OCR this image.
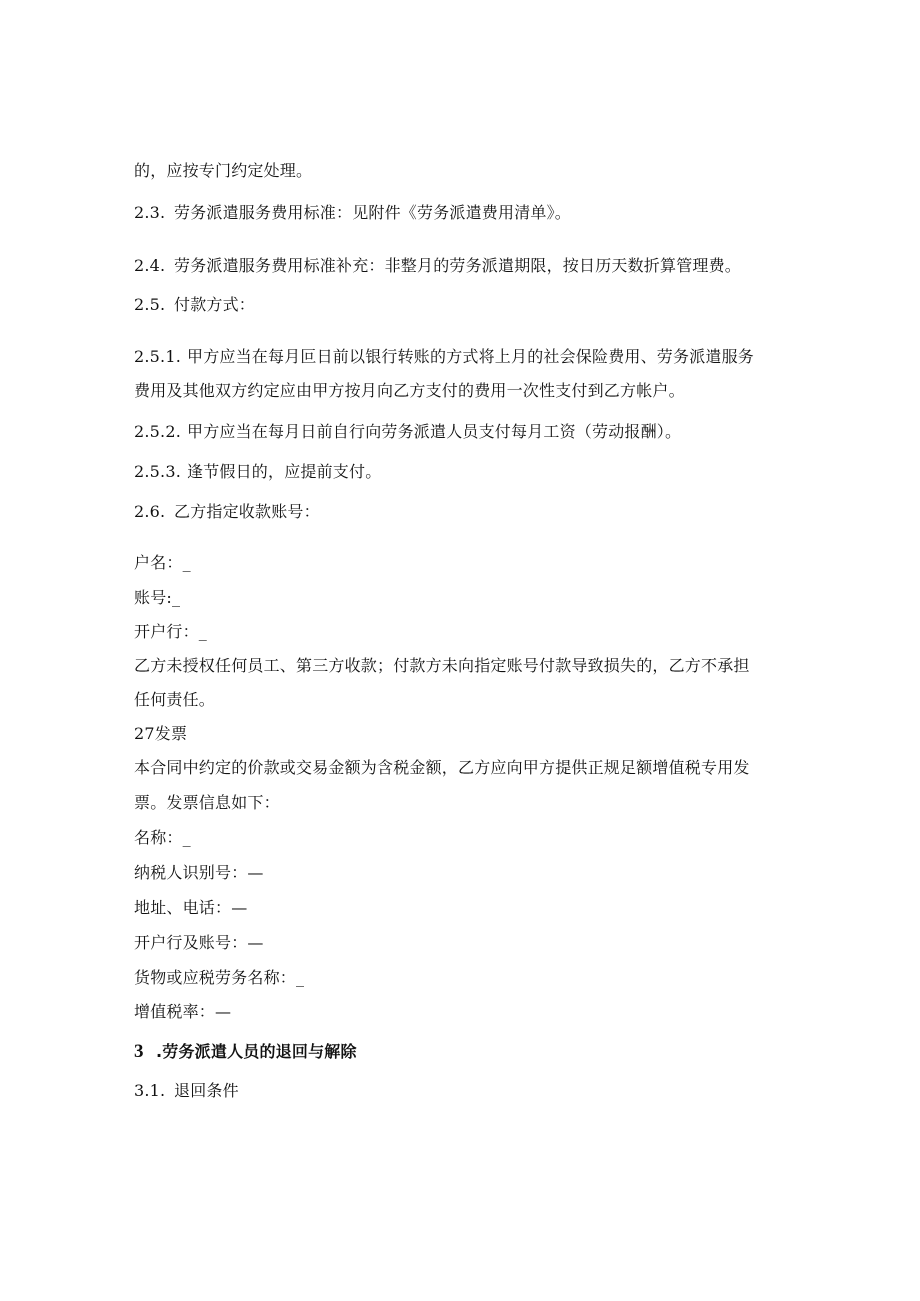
的，应按专门约定处理。
2.3. 劳务派遣服务费用标准：见附件《劳务派遣费用清单》。
2.4. 劳务派遣服务费用标准补充：非整月的劳务派遣期限，按日历天数折算管理费。
2.5. 付款方式：
2.5.1. 甲方应当在每月叵日前以银行转账的方式将上月的社会保险费用、劳务派遣服务
费用及其他双方约定应由甲方按月向乙方支付的费用一次性支付到乙方帐户。
2.5.2. 甲方应当在每月日前自行向劳务派遣人员支付每月工资（劳动报酬）。
2.5.3. 逢节假日的，应提前支付。
2.6. 乙方指定收款账号：
户名：_
账号:_
开户行：_
乙方未授权任何员工、第三方收款；付款方未向指定账号付款导致损失的，乙方不承担
任何责任。
27发票
本合同中约定的价款或交易金额为含税金额，乙方应向甲方提供正规足额增值税专用发
票。发票信息如下：
名称：_
纳税人识别号：—
地址、电话：—
开户行及账号：—
货物或应税劳务名称：_
增值税率：—
3 .劳务派遣人员的退回与解除
3.1. 退回条件
